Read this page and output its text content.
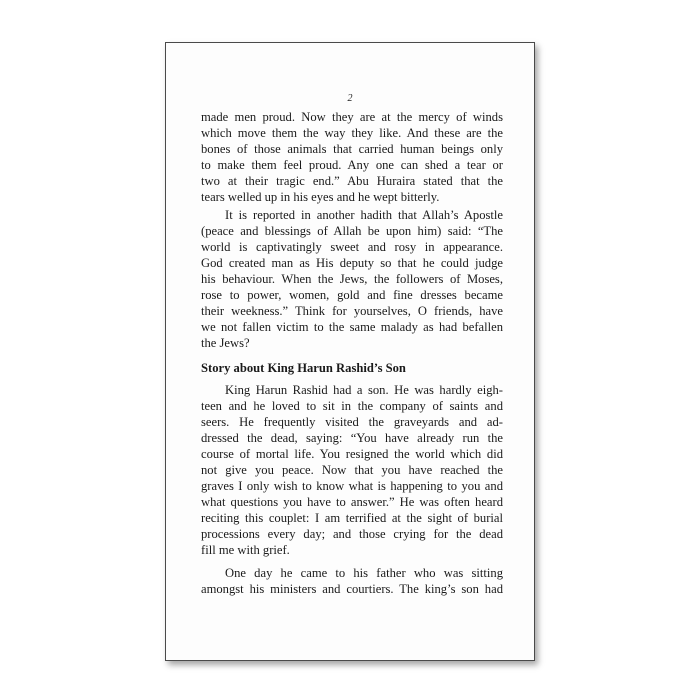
2
made men proud. Now they are at the mercy of winds
which move them the way they like. And these are the
bones of those animals that carried human beings only
to make them feel proud. Any one can shed a tear or
two at their tragic end.” Abu Huraira stated that the
tears welled up in his eyes and he wept bitterly.
It is reported in another hadith that Allah’s Apostle
(peace and blessings of Allah be upon him) said: “The
world is captivatingly sweet and rosy in appearance.
God created man as His deputy so that he could judge
his behaviour. When the Jews, the followers of Moses,
rose to power, women, gold and fine dresses became
their weekness.” Think for yourselves, O friends, have
we not fallen victim to the same malady as had befallen
the Jews?
Story about King Harun Rashid’s Son
King Harun Rashid had a son. He was hardly eigh-
teen and he loved to sit in the company of saints and
seers. He frequently visited the graveyards and ad-
dressed the dead, saying: “You have already run the
course of mortal life. You resigned the world which did
not give you peace. Now that you have reached the
graves I only wish to know what is happening to you and
what questions you have to answer.” He was often heard
reciting this couplet: I am terrified at the sight of burial
processions every day; and those crying for the dead
fill me with grief.
One day he came to his father who was sitting
amongst his ministers and courtiers. The king’s son had
